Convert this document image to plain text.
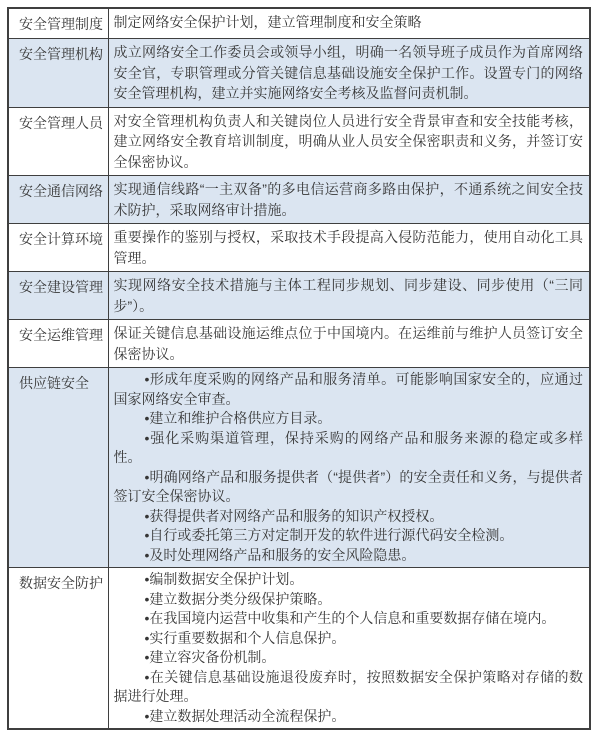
安全管理制度	制定网络安全保护计划，建立管理制度和安全策略
安全管理机构	成立网络安全工作委员会或领导小组，明确一名领导班子成员作为首席网络安全官，专职管理或分管关键信息基础设施安全保护工作。设置专门的网络安全管理机构，建立并实施网络安全考核及监督问责机制。
安全管理人员	对安全管理机构负责人和关键岗位人员进行安全背景审查和安全技能考核，建立网络安全教育培训制度，明确从业人员安全保密职责和义务，并签订安全保密协议。
安全通信网络	实现通信线路“一主双备”的多电信运营商多路由保护，不通系统之间安全技术防护，采取网络审计措施。
安全计算环境	重要操作的鉴别与授权，采取技术手段提高入侵防范能力，使用自动化工具管理。
安全建设管理	实现网络安全技术措施与主体工程同步规划、同步建设、同步使用（“三同步”）。
安全运维管理	保证关键信息基础设施运维点位于中国境内。在运维前与维护人员签订安全保密协议。
供应链安全	•形成年度采购的网络产品和服务清单。可能影响国家安全的，应通过国家网络安全审查。

•建立和维护合格供应方目录。

•强化采购渠道管理，保持采购的网络产品和服务来源的稳定或多样性。

•明确网络产品和服务提供者（“提供者”）的安全责任和义务，与提供者签订安全保密协议。

•获得提供者对网络产品和服务的知识产权授权。

•自行或委托第三方对定制开发的软件进行源代码安全检测。

•及时处理网络产品和服务的安全风险隐患。

数据安全防护	•编制数据安全保护计划。

•建立数据分类分级保护策略。

•在我国境内运营中收集和产生的个人信息和重要数据存储在境内。

•实行重要数据和个人信息保护。

•建立容灾备份机制。

•在关键信息基础设施退役废弃时，按照数据安全保护策略对存储的数据进行处理。

•建立数据处理活动全流程保护。
